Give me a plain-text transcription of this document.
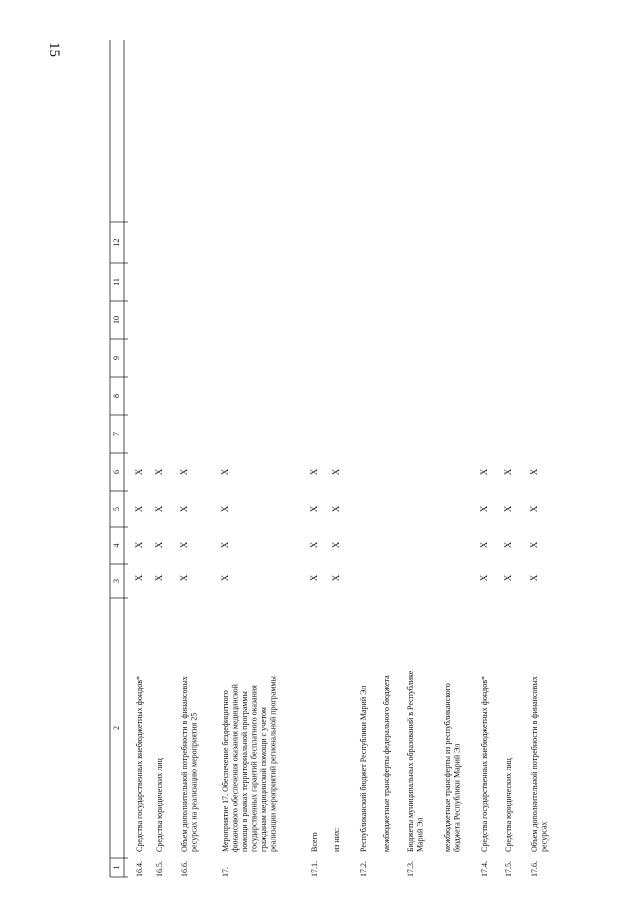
15
1
2
3
4
5
6
7
8
9
10
11
12
16.4.
Средства государственных внебюджетных фондов*
X
X
X
X
16.5.
Средства юридических лиц
X
X
X
X
16.6.
Объем дополнительной потребности в финансовых ресурсах на реализацию мероприятия 25
X
X
X
X
17.
Мероприятие 17. Обеспечение бездефицитного финансового обеспечения оказания медицинской помощи в рамках территориальной программы государственных гарантий бесплатного оказания гражданам медицинской помощи с учетом реализации мероприятий региональной программы
X
X
X
X
17.1.
Всего
X
X
X
X
из них:
X
X
X
X
17.2.
Республиканский бюджет Республики Марий Эл межбюджетные трансферты федерального бюджета
17.3.
Бюджеты муниципальных образований в Республике Марий Эл межбюджетные трансферты из республиканского бюджета Республики Марий Эл
17.4.
Средства государственных внебюджетных фондов*
X
X
X
X
17.5.
Средства юридических лиц
X
X
X
X
17.6.
Объем дополнительной потребности в финансовых ресурсах
X
X
X
X
